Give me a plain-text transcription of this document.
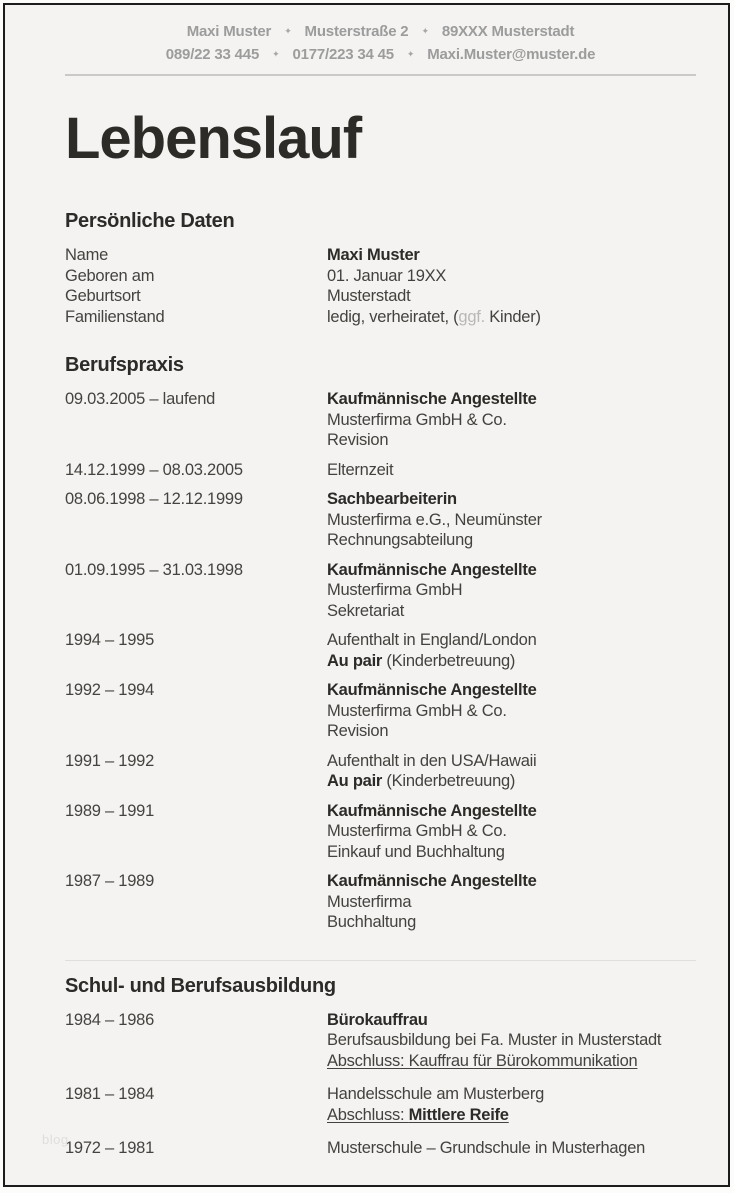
Maxi Muster ✦ Musterstraße 2 ✦ 89XXX Musterstadt
089/22 33 445 ✦ 0177/223 34 45 ✦ Maxi.Muster@muster.de
Lebenslauf
Persönliche Daten
Name	Maxi Muster
Geboren am	01. Januar 19XX
Geburtsort	Musterstadt
Familienstand	ledig, verheiratet, (ggf. Kinder)
Berufspraxis
09.03.2005 – laufend	Kaufmännische Angestellte
Musterfirma GmbH & Co.
Revision
14.12.1999 – 08.03.2005	Elternzeit
08.06.1998 – 12.12.1999	Sachbearbeiterin
Musterfirma e.G., Neumünster
Rechnungsabteilung
01.09.1995 – 31.03.1998	Kaufmännische Angestellte
Musterfirma GmbH
Sekretariat
1994 – 1995	Aufenthalt in England/London
Au pair (Kinderbetreuung)
1992 – 1994	Kaufmännische Angestellte
Musterfirma GmbH & Co.
Revision
1991 – 1992	Aufenthalt in den USA/Hawaii
Au pair (Kinderbetreuung)
1989 – 1991	Kaufmännische Angestellte
Musterfirma GmbH & Co.
Einkauf und Buchhaltung
1987 – 1989	Kaufmännische Angestellte
Musterfirma
Buchhaltung
Schul- und Berufsausbildung
1984 – 1986	Bürokauffrau
Berufsausbildung bei Fa. Muster in Musterstadt
Abschluss: Kauffrau für Bürokommunikation
1981 – 1984	Handelsschule am Musterberg
Abschluss: Mittlere Reife
1972 – 1981	Musterschule – Grundschule in Musterhagen
blog
